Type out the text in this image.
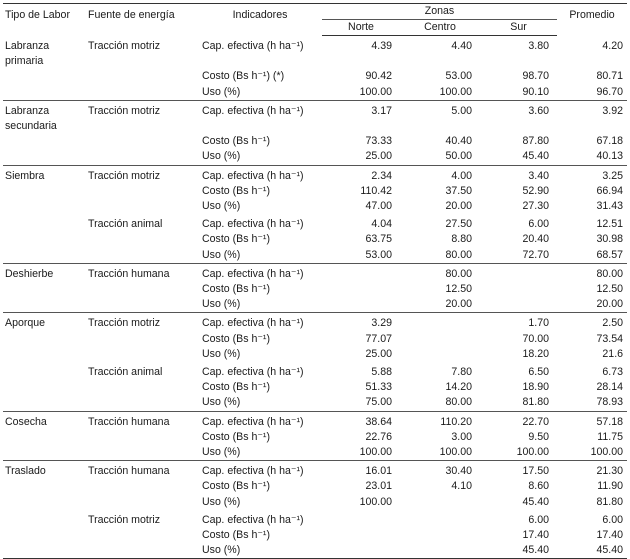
Tipo de Labor	Fuente de energía	Indicadores	Zonas			Promedio
			Norte	Centro	Sur	
Labranza primaria	Tracción motriz	Cap. efectiva (h ha⁻¹)	4.39	4.40	3.80	4.20
		Costo (Bs h⁻¹) (*)	90.42	53.00	98.70	80.71
		Uso (%)	100.00	100.00	90.10	96.70
Labranza secundaria	Tracción motriz	Cap. efectiva (h ha⁻¹)	3.17	5.00	3.60	3.92
		Costo (Bs h⁻¹)	73.33	40.40	87.80	67.18
		Uso (%)	25.00	50.00	45.40	40.13
Siembra	Tracción motriz	Cap. efectiva (h ha⁻¹)	2.34	4.00	3.40	3.25
		Costo (Bs h⁻¹)	110.42	37.50	52.90	66.94
		Uso (%)	47.00	20.00	27.30	31.43
	Tracción animal	Cap. efectiva (h ha⁻¹)	4.04	27.50	6.00	12.51
		Costo (Bs h⁻¹)	63.75	8.80	20.40	30.98
		Uso (%)	53.00	80.00	72.70	68.57
Deshierbe	Tracción humana	Cap. efectiva (h ha⁻¹)		80.00		80.00
		Costo (Bs h⁻¹)		12.50		12.50
		Uso (%)		20.00		20.00
Aporque	Tracción motriz	Cap. efectiva (h ha⁻¹)	3.29		1.70	2.50
		Costo (Bs h⁻¹)	77.07		70.00	73.54
		Uso (%)	25.00		18.20	21.6
	Tracción animal	Cap. efectiva (h ha⁻¹)	5.88	7.80	6.50	6.73
		Costo (Bs h⁻¹)	51.33	14.20	18.90	28.14
		Uso (%)	75.00	80.00	81.80	78.93
Cosecha	Tracción humana	Cap. efectiva (h ha⁻¹)	38.64	110.20	22.70	57.18
		Costo (Bs h⁻¹)	22.76	3.00	9.50	11.75
		Uso (%)	100.00	100.00	100.00	100.00
Traslado	Tracción humana	Cap. efectiva (h ha⁻¹)	16.01	30.40	17.50	21.30
		Costo (Bs h⁻¹)	23.01	4.10	8.60	11.90
		Uso (%)	100.00		45.40	81.80
	Tracción motriz	Cap. efectiva (h ha⁻¹)			6.00	6.00
		Costo (Bs h⁻¹)			17.40	17.40
		Uso (%)			45.40	45.40
